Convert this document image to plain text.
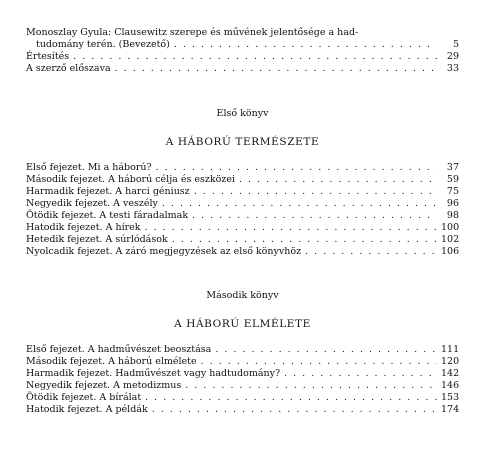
Monoszlay Gyula: Clausewitz szerepe és művének jelentősége a had-
tudomány terén. (Bevezető) . . .	5
Értesítés . . .	29
A szerző előszava . . .	33
Első könyv
A HÁBORÚ TERMÉSZETE
Első fejezet. Mi a háború? . . .	37
Második fejezet. A háború célja és eszközei . . .	59
Harmadik fejezet. A harci géniusz . . .	75
Negyedik fejezet. A veszély . . .	96
Ötödik fejezet. A testi fáradalmak . . .	98
Hatodik fejezet. A hírek . . .	100
Hetedik fejezet. A súrlódások . . .	102
Nyolcadik fejezet. A záró megjegyzések az első könyvhöz . . .	106
Második könyv
A HÁBORÚ ELMÉLETE
Első fejezet. A hadművészet beosztása . . .	111
Második fejezet. A háború elmélete . . .	120
Harmadik fejezet. Hadművészet vagy hadtudomány? . . .	142
Negyedik fejezet. A metodizmus . . .	146
Ötödik fejezet. A bírálat . . .	153
Hatodik fejezet. A példák . . .	174
